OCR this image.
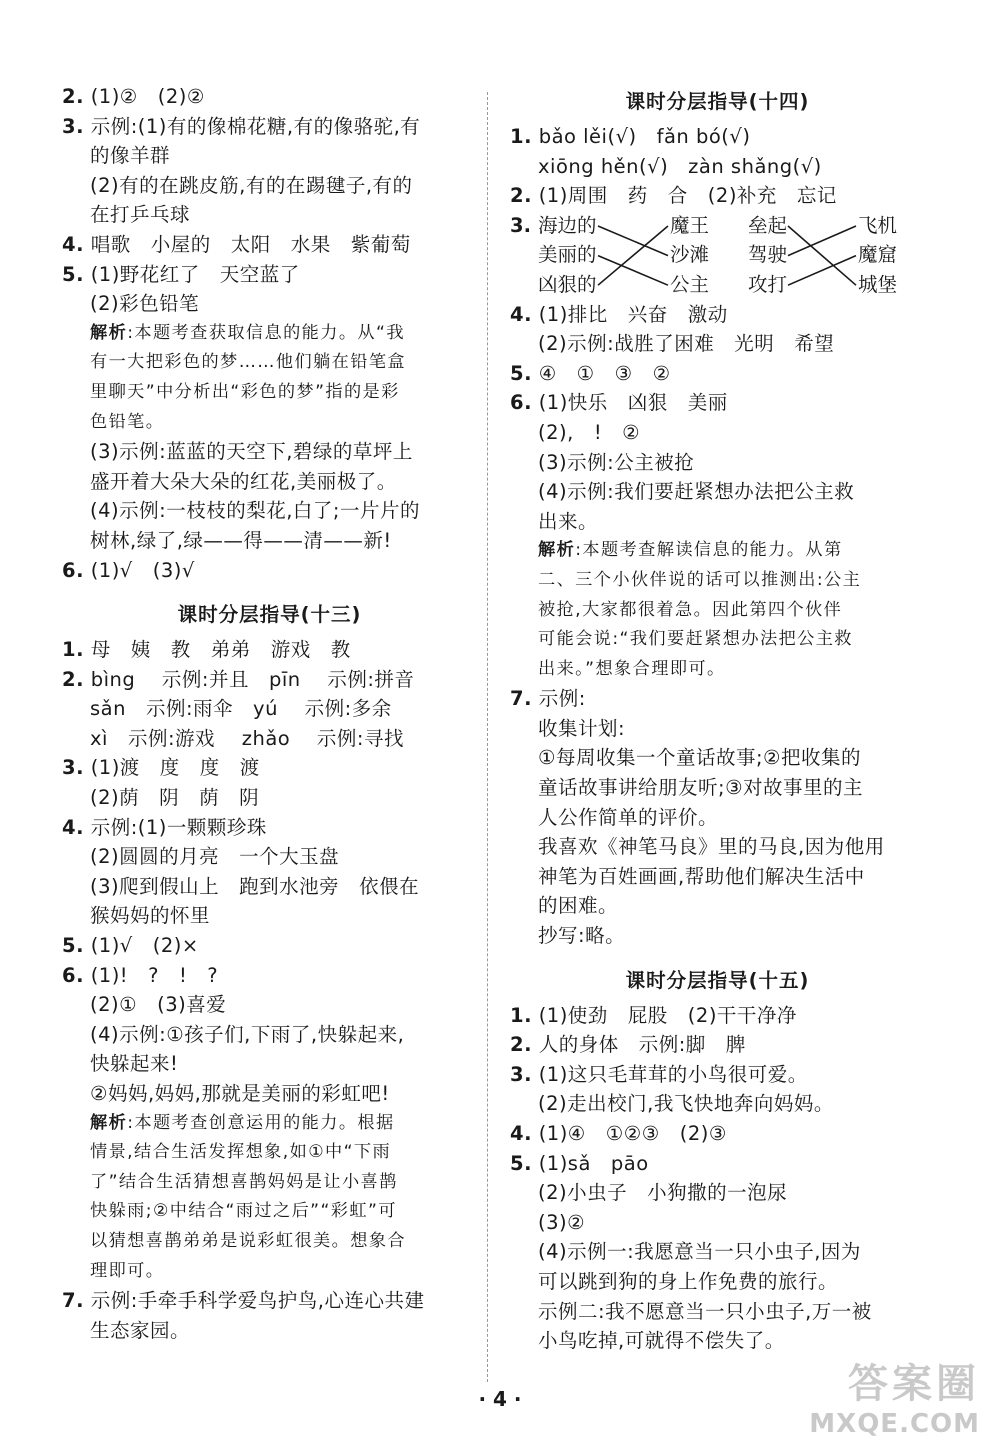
2. (1)②　(2)②
3. 示例:(1)有的像棉花糖,有的像骆驼,有
的像羊群
(2)有的在跳皮筋,有的在踢毽子,有的
在打乒乓球
4. 唱歌　小屋的　太阳　水果　紫葡萄
5. (1)野花红了　天空蓝了
(2)彩色铅笔
解析:本题考查获取信息的能力。从“我
有一大把彩色的梦……他们躺在铅笔盒
里聊天”中分析出“彩色的梦”指的是彩
色铅笔。
(3)示例:蓝蓝的天空下,碧绿的草坪上
盛开着大朵大朵的红花,美丽极了。
(4)示例:一枝枝的梨花,白了;一片片的
树林,绿了,绿——得——清——新!
6. (1)√　(3)√
课时分层指导(十三)
1. 母　姨　教　弟弟　游戏　教
2. bìng　 示例:并且　pīn　 示例:拼音
sǎn　示例:雨伞　yú　 示例:多余
xì　示例:游戏　 zhǎo　 示例:寻找
3. (1)渡　度　度　渡
(2)荫　阴　荫　阴
4. 示例:(1)一颗颗珍珠
(2)圆圆的月亮　一个大玉盘
(3)爬到假山上　跑到水池旁　依偎在
猴妈妈的怀里
5. (1)√　(2)×
6. (1)!　?　!　?
(2)①　(3)喜爱
(4)示例:①孩子们,下雨了,快躲起来,
快躲起来!
②妈妈,妈妈,那就是美丽的彩虹吧!
解析:本题考查创意运用的能力。根据
情景,结合生活发挥想象,如①中“下雨
了”结合生活猜想喜鹊妈妈是让小喜鹊
快躲雨;②中结合“雨过之后”“彩虹”可
以猜想喜鹊弟弟是说彩虹很美。想象合
理即可。
7. 示例:手牵手科学爱鸟护鸟,心连心共建
生态家园。
课时分层指导(十四)
1. bǎo lěi(√)　fǎn bó(√)
xiōng hěn(√)　zàn shǎng(√)
2. (1)周围　药　合　(2)补充　忘记
3. 海边的
美丽的
凶狠的
魔王
沙滩
公主
垒起
驾驶
攻打
飞机
魔窟
城堡
4. (1)排比　兴奋　激动
(2)示例:战胜了困难　光明　希望
5. ④　①　③　②
6. (1)快乐　凶狠　美丽
(2),　!　②
(3)示例:公主被抢
(4)示例:我们要赶紧想办法把公主救
出来。
解析:本题考查解读信息的能力。从第
二、三个小伙伴说的话可以推测出:公主
被抢,大家都很着急。因此第四个伙伴
可能会说:“我们要赶紧想办法把公主救
出来。”想象合理即可。
7. 示例:
收集计划:
①每周收集一个童话故事;②把收集的
童话故事讲给朋友听;③对故事里的主
人公作简单的评价。
我喜欢《神笔马良》里的马良,因为他用
神笔为百姓画画,帮助他们解决生活中
的困难。
抄写:略。
课时分层指导(十五)
1. (1)使劲　屁股　(2)干干净净
2. 人的身体　示例:脚　脾
3. (1)这只毛茸茸的小鸟很可爱。
(2)走出校门,我飞快地奔向妈妈。
4. (1)④　①②③　(2)③
5. (1)sǎ　pāo
(2)小虫子　小狗撒的一泡尿
(3)②
(4)示例一:我愿意当一只小虫子,因为
可以跳到狗的身上作免费的旅行。
示例二:我不愿意当一只小虫子,万一被
小鸟吃掉,可就得不偿失了。
· 4 ·	答案圈
MXQE.COM
